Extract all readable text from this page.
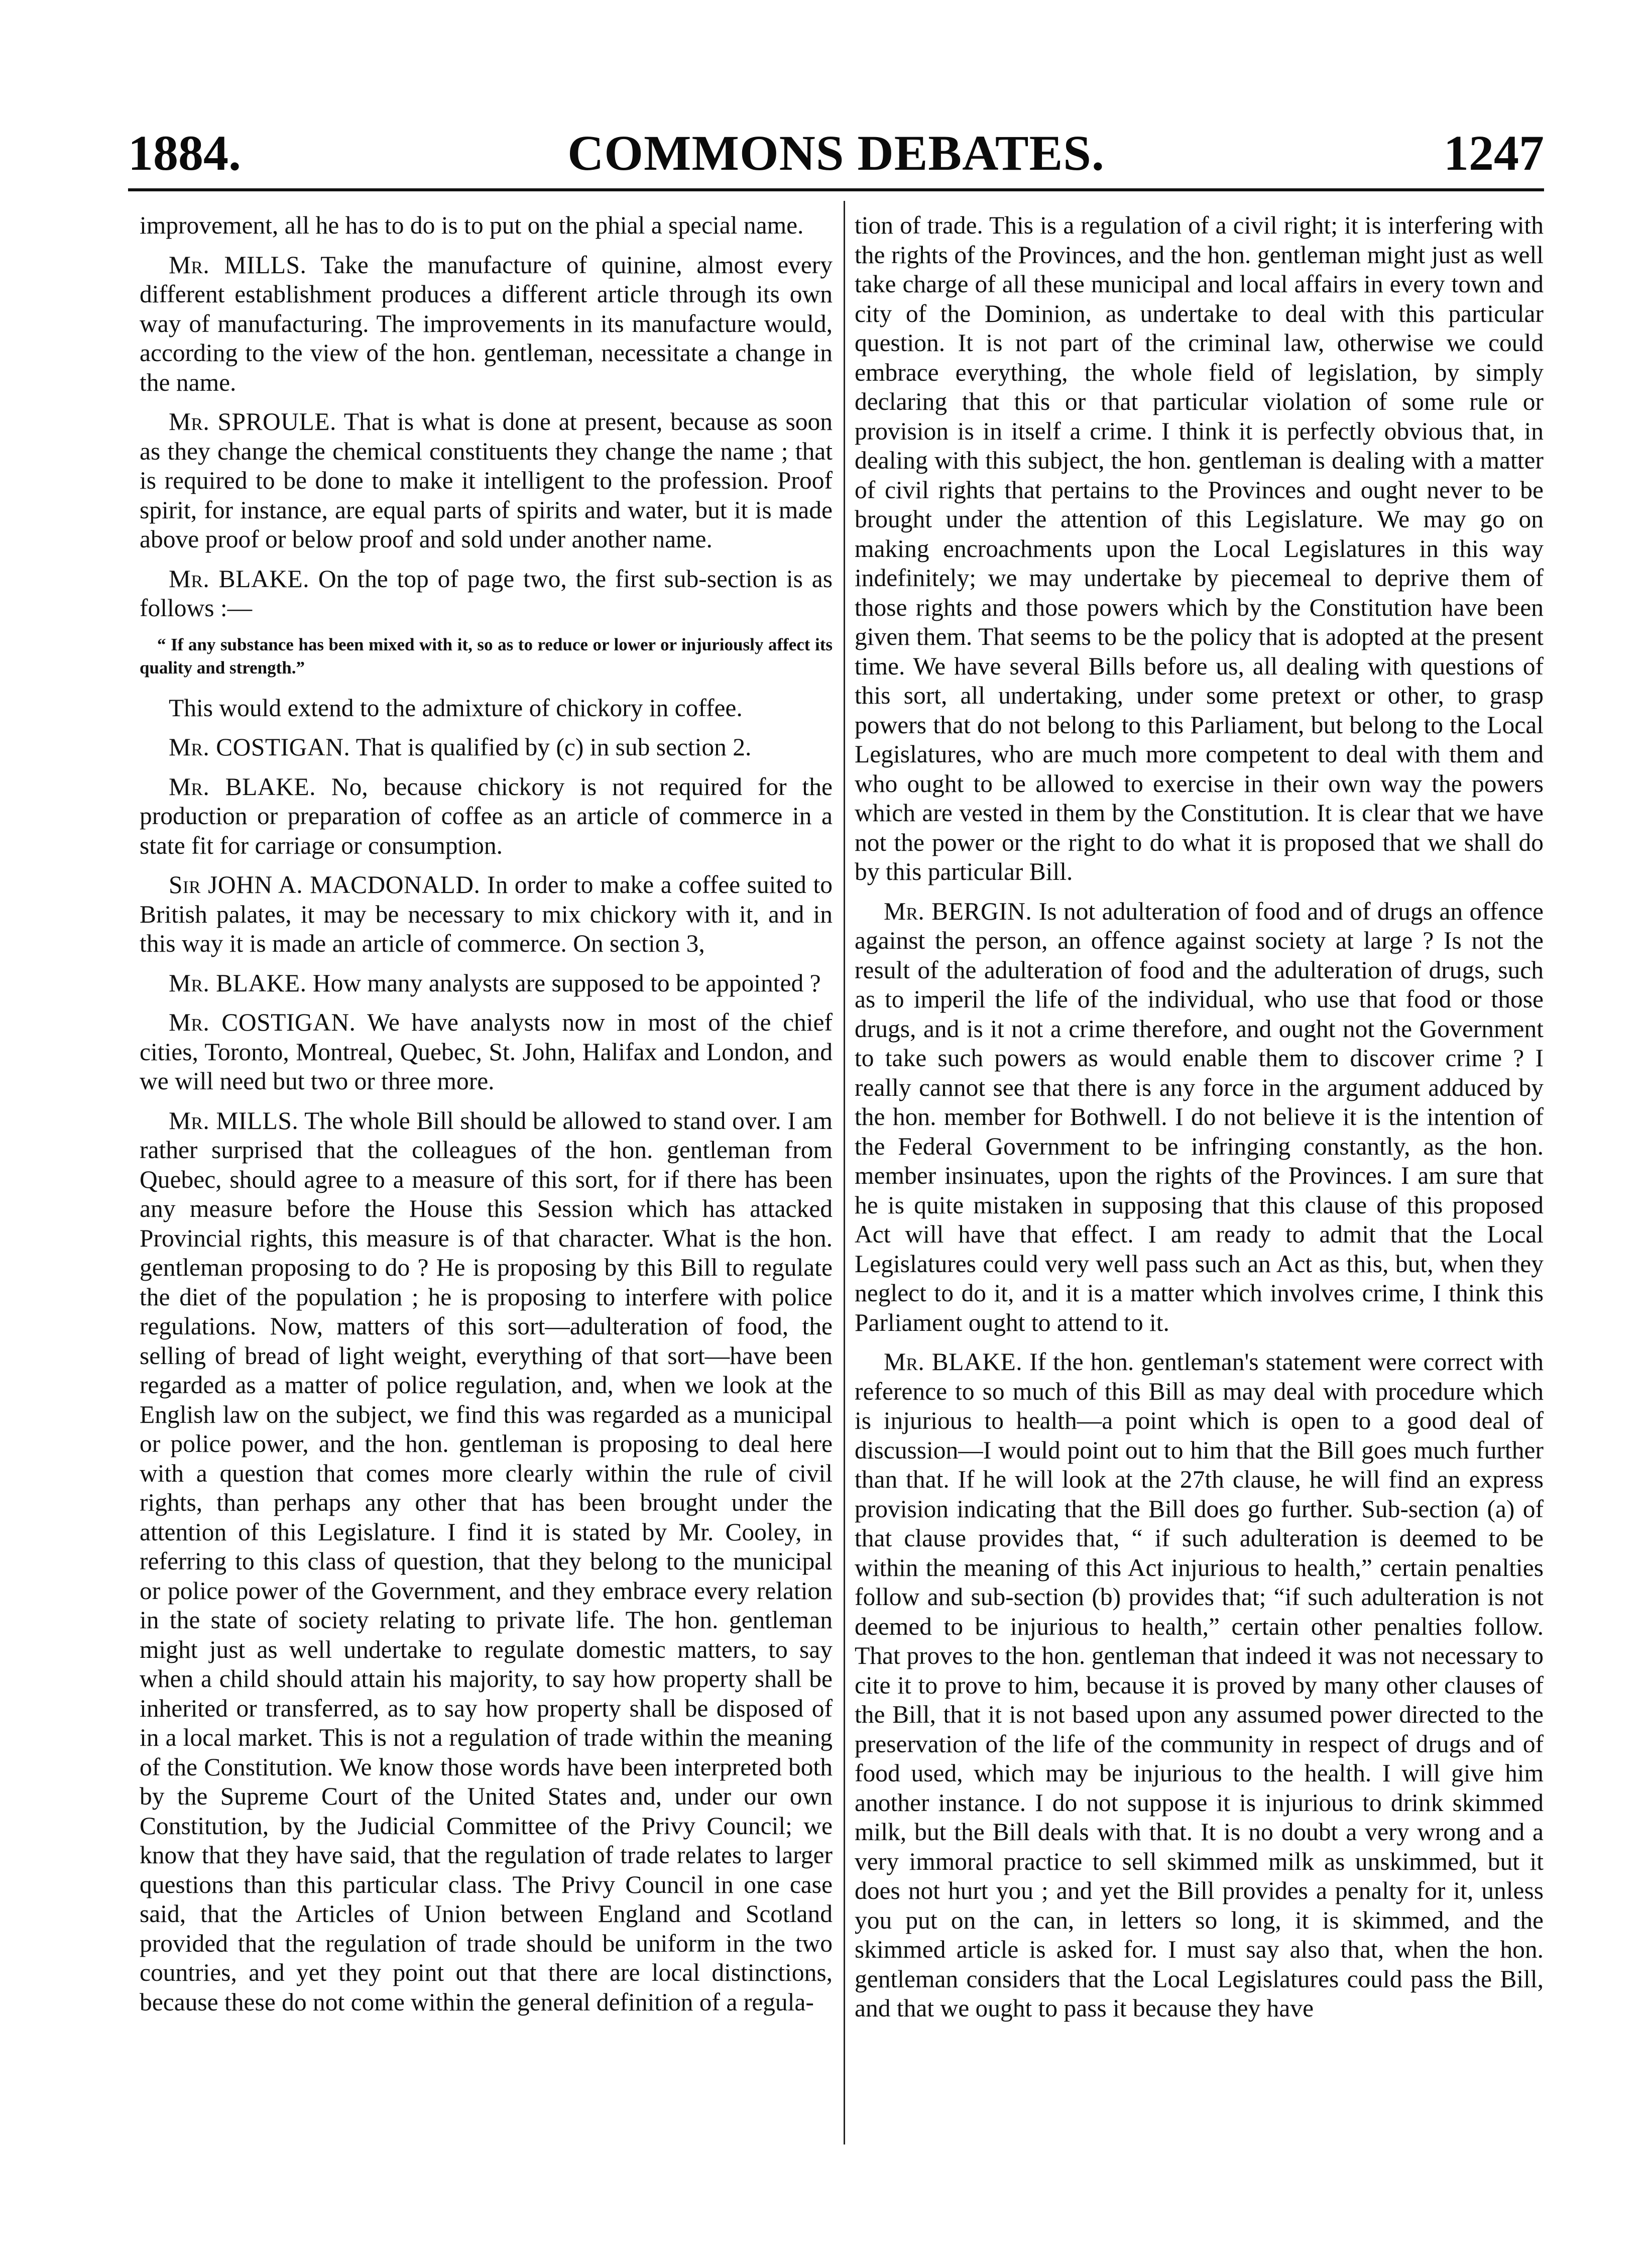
1884.	COMMONS DEBATES.	1247

improvement, all he has to do is to put on the phial a special name.

Mr. MILLS. Take the manufacture of quinine, almost every different establishment produces a different article through its own way of manufacturing. The improvements in its manufacture would, according to the view of the hon. gentleman, necessitate a change in the name.

Mr. SPROULE. That is what is done at present, because as soon as they change the chemical constituents they change the name ; that is required to be done to make it intelligent to the profession. Proof spirit, for instance, are equal parts of spirits and water, but it is made above proof or below proof and sold under another name.

Mr. BLAKE. On the top of page two, the first sub-section is as follows :—

“ If any substance has been mixed with it, so as to reduce or lower or injuriously affect its quality and strength.”

This would extend to the admixture of chickory in coffee.

Mr. COSTIGAN. That is qualified by (c) in sub section 2.

Mr. BLAKE. No, because chickory is not required for the production or preparation of coffee as an article of commerce in a state fit for carriage or consumption.

Sir JOHN A. MACDONALD. In order to make a coffee suited to British palates, it may be necessary to mix chickory with it, and in this way it is made an article of commerce. On section 3,

Mr. BLAKE. How many analysts are supposed to be appointed ?

Mr. COSTIGAN. We have analysts now in most of the chief cities, Toronto, Montreal, Quebec, St. John, Halifax and London, and we will need but two or three more.

Mr. MILLS. The whole Bill should be allowed to stand over. I am rather surprised that the colleagues of the hon. gentleman from Quebec, should agree to a measure of this sort, for if there has been any measure before the House this Session which has attacked Provincial rights, this measure is of that character. What is the hon. gentleman proposing to do ? He is proposing by this Bill to regulate the diet of the population ; he is proposing to interfere with police regulations. Now, matters of this sort—adulteration of food, the selling of bread of light weight, everything of that sort—have been regarded as a matter of police regulation, and, when we look at the English law on the subject, we find this was regarded as a municipal or police power, and the hon. gentleman is proposing to deal here with a question that comes more clearly within the rule of civil rights, than perhaps any other that has been brought under the attention of this Legislature. I find it is stated by Mr. Cooley, in referring to this class of question, that they belong to the municipal or police power of the Government, and they embrace every relation in the state of society relating to private life. The hon. gentleman might just as well undertake to regulate domestic matters, to say when a child should attain his majority, to say how property shall be inherited or transferred, as to say how property shall be disposed of in a local market. This is not a regulation of trade within the meaning of the Constitution. We know those words have been interpreted both by the Supreme Court of the United States and, under our own Constitution, by the Judicial Committee of the Privy Council; we know that they have said, that the regulation of trade relates to larger questions than this particular class. The Privy Council in one case said, that the Articles of Union between England and Scotland provided that the regulation of trade should be uniform in the two countries, and yet they point out that there are local distinctions, because these do not come within the general definition of a regula-

tion of trade. This is a regulation of a civil right; it is interfering with the rights of the Provinces, and the hon. gentleman might just as well take charge of all these municipal and local affairs in every town and city of the Dominion, as undertake to deal with this particular question. It is not part of the criminal law, otherwise we could embrace everything, the whole field of legislation, by simply declaring that this or that particular violation of some rule or provision is in itself a crime. I think it is perfectly obvious that, in dealing with this subject, the hon. gentleman is dealing with a matter of civil rights that pertains to the Provinces and ought never to be brought under the attention of this Legislature. We may go on making encroachments upon the Local Legislatures in this way indefinitely; we may undertake by piecemeal to deprive them of those rights and those powers which by the Constitution have been given them. That seems to be the policy that is adopted at the present time. We have several Bills before us, all dealing with questions of this sort, all undertaking, under some pretext or other, to grasp powers that do not belong to this Parliament, but belong to the Local Legislatures, who are much more competent to deal with them and who ought to be allowed to exercise in their own way the powers which are vested in them by the Constitution. It is clear that we have not the power or the right to do what it is proposed that we shall do by this particular Bill.

Mr. BERGIN. Is not adulteration of food and of drugs an offence against the person, an offence against society at large ? Is not the result of the adulteration of food and the adulteration of drugs, such as to imperil the life of the individual, who use that food or those drugs, and is it not a crime therefore, and ought not the Government to take such powers as would enable them to discover crime ? I really cannot see that there is any force in the argument adduced by the hon. member for Bothwell. I do not believe it is the intention of the Federal Government to be infringing constantly, as the hon. member insinuates, upon the rights of the Provinces. I am sure that he is quite mistaken in supposing that this clause of this proposed Act will have that effect. I am ready to admit that the Local Legislatures could very well pass such an Act as this, but, when they neglect to do it, and it is a matter which involves crime, I think this Parliament ought to attend to it.

Mr. BLAKE. If the hon. gentleman's statement were correct with reference to so much of this Bill as may deal with procedure which is injurious to health—a point which is open to a good deal of discussion—I would point out to him that the Bill goes much further than that. If he will look at the 27th clause, he will find an express provision indicating that the Bill does go further. Sub-section (a) of that clause provides that, “ if such adulteration is deemed to be within the meaning of this Act injurious to health,” certain penalties follow and sub-section (b) provides that; “if such adulteration is not deemed to be injurious to health,” certain other penalties follow. That proves to the hon. gentleman that indeed it was not necessary to cite it to prove to him, because it is proved by many other clauses of the Bill, that it is not based upon any assumed power directed to the preservation of the life of the community in respect of drugs and of food used, which may be injurious to the health. I will give him another instance. I do not suppose it is injurious to drink skimmed milk, but the Bill deals with that. It is no doubt a very wrong and a very immoral practice to sell skimmed milk as unskimmed, but it does not hurt you ; and yet the Bill provides a penalty for it, unless you put on the can, in letters so long, it is skimmed, and the skimmed article is asked for. I must say also that, when the hon. gentleman considers that the Local Legislatures could pass the Bill, and that we ought to pass it because they have
